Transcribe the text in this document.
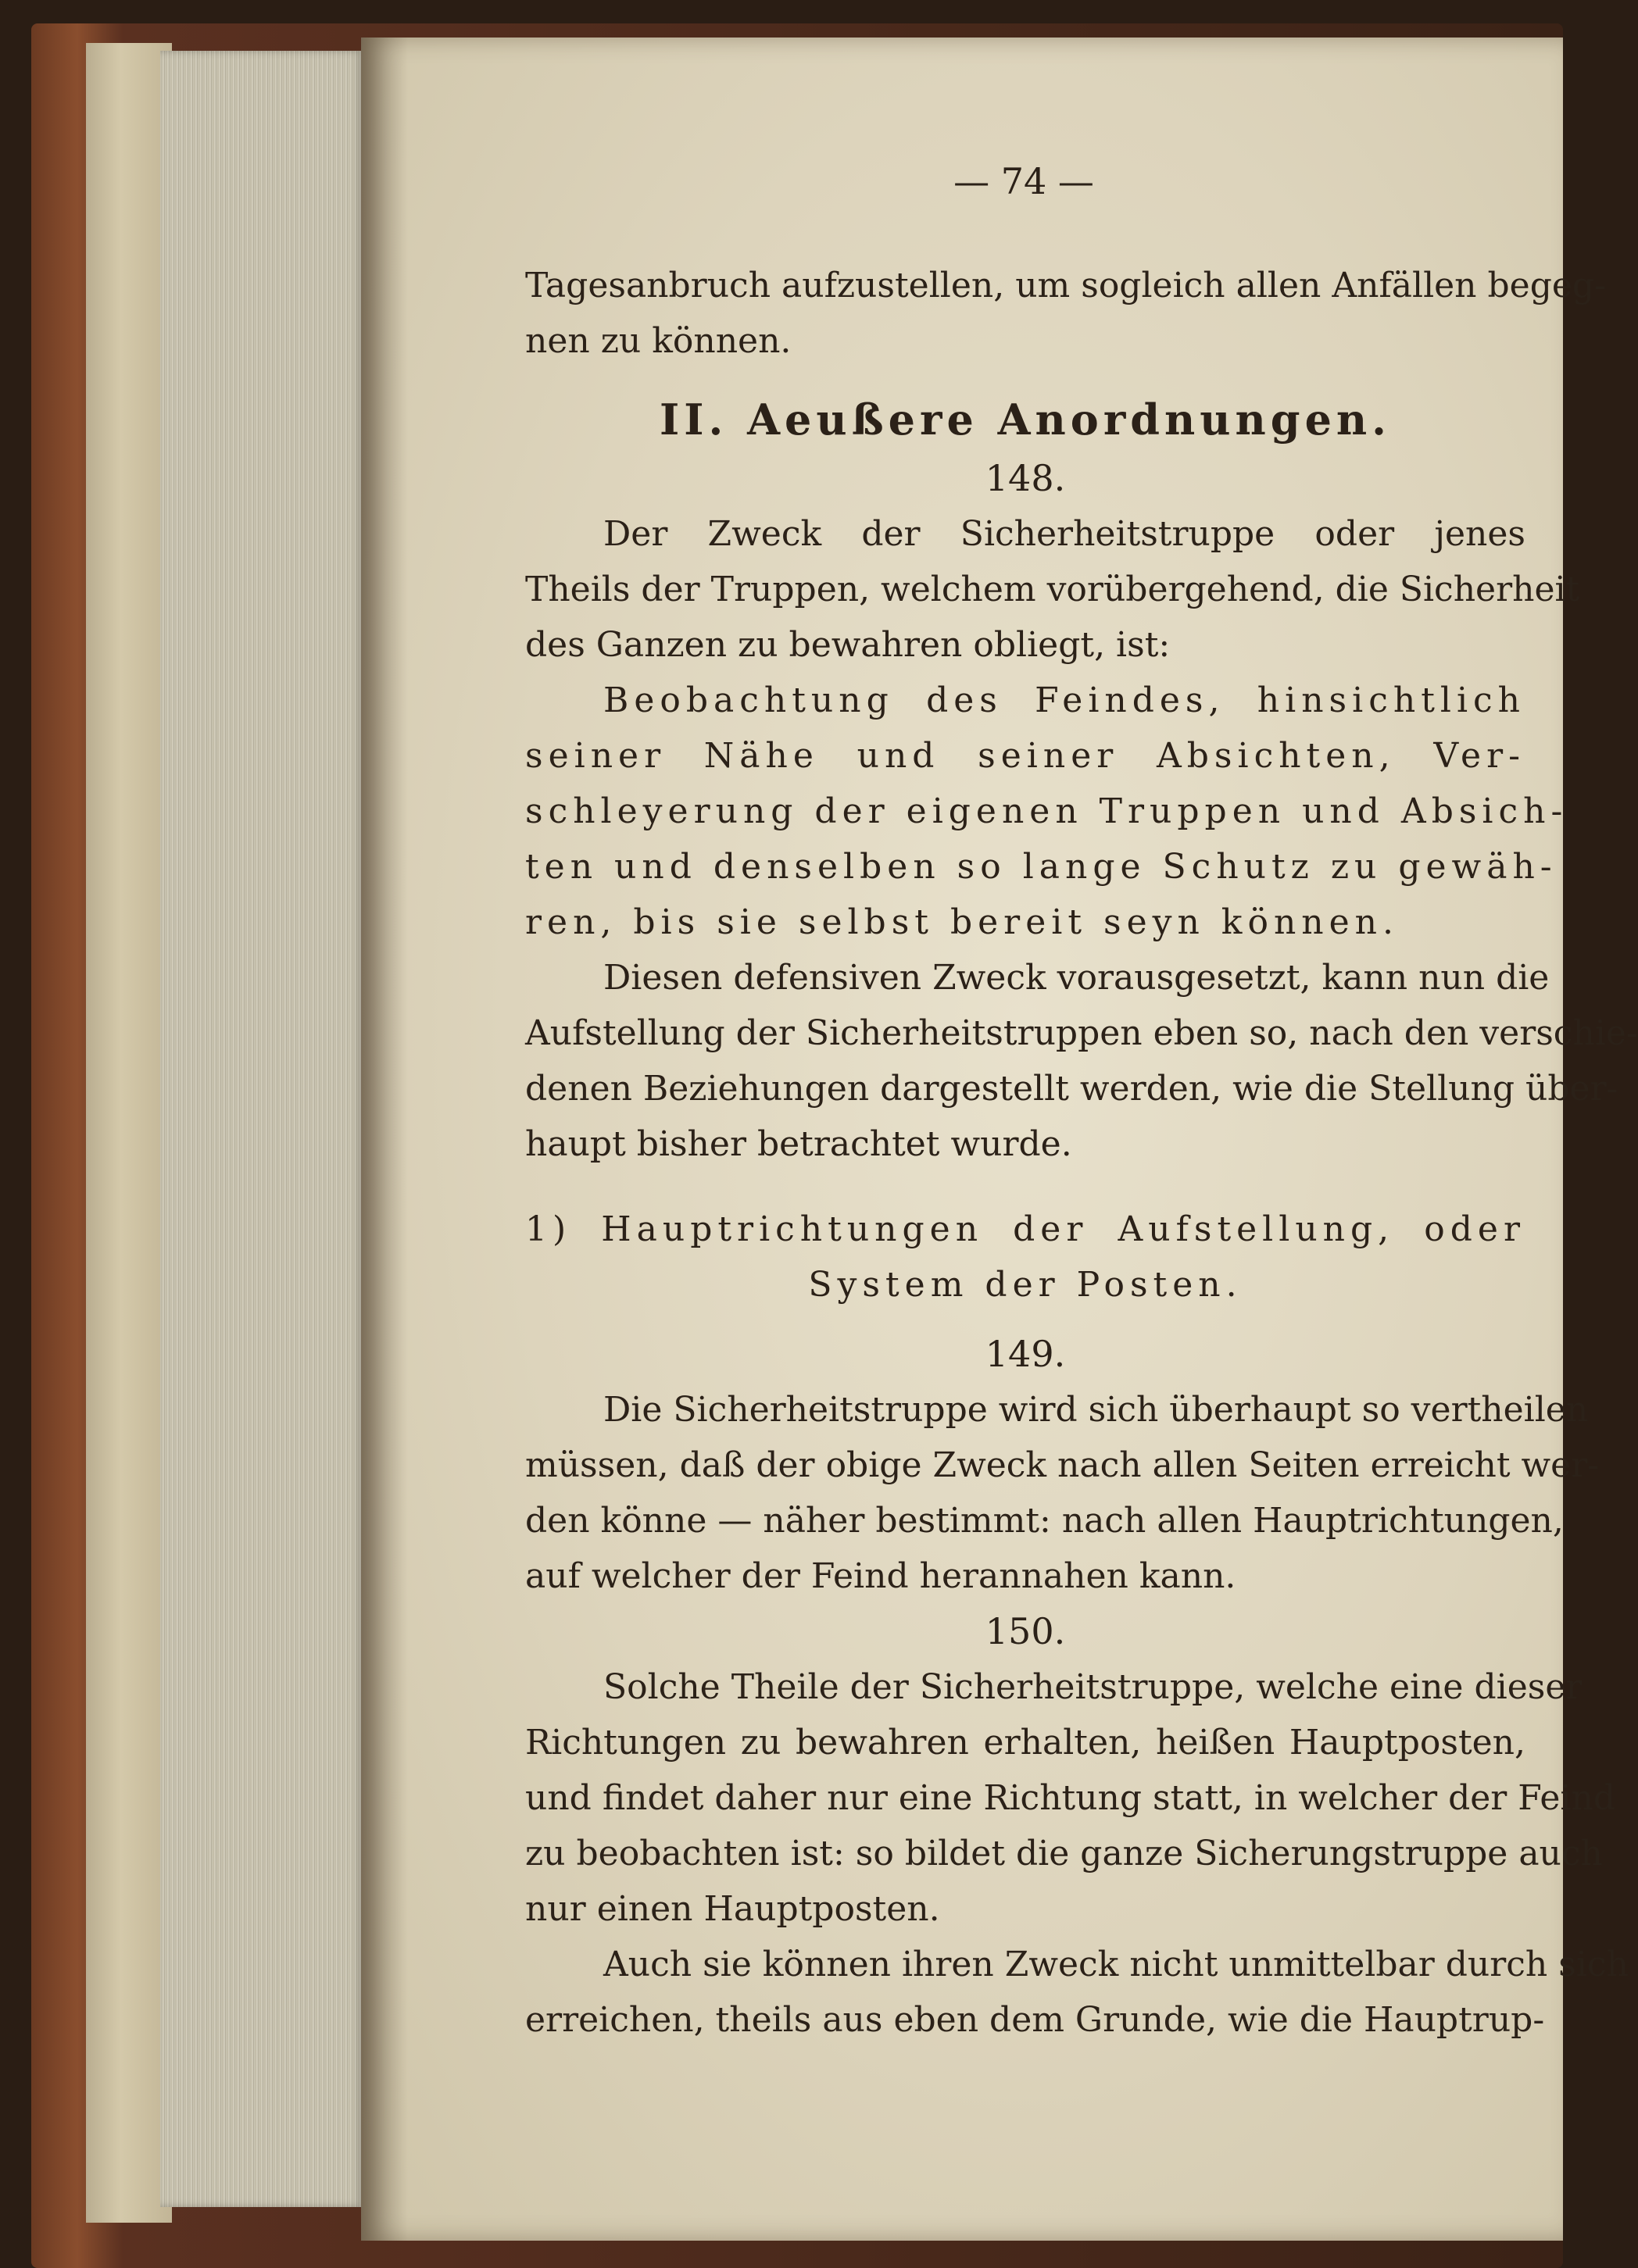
— 74 —
Tagesanbruch aufzustellen, um sogleich allen Anfällen begeg-
nen zu können.
II. Aeußere Anordnungen.
148.
Der Zweck der Sicherheitstruppe oder jenes
Theils der Truppen, welchem vorübergehend, die Sicherheit
des Ganzen zu bewahren obliegt, ist:
Beobachtung des Feindes, hinsichtlich
seiner Nähe und seiner Absichten, Ver-
schleyerung der eigenen Truppen und Absich-
ten und denselben so lange Schutz zu gewäh-
ren, bis sie selbst bereit seyn können.
Diesen defensiven Zweck vorausgesetzt, kann nun die
Aufstellung der Sicherheitstruppen eben so, nach den verschie-
denen Beziehungen dargestellt werden, wie die Stellung über-
haupt bisher betrachtet wurde.
1) Hauptrichtungen der Aufstellung, oder
System der Posten.
149.
Die Sicherheitstruppe wird sich überhaupt so vertheilen
müssen, daß der obige Zweck nach allen Seiten erreicht wer-
den könne — näher bestimmt: nach allen Hauptrichtungen,
auf welcher der Feind herannahen kann.
150.
Solche Theile der Sicherheitstruppe, welche eine dieser
Richtungen zu bewahren erhalten, heißen Hauptposten,
und findet daher nur eine Richtung statt, in welcher der Feind
zu beobachten ist: so bildet die ganze Sicherungstruppe auch
nur einen Hauptposten.
Auch sie können ihren Zweck nicht unmittelbar durch sich
erreichen, theils aus eben dem Grunde, wie die Hauptrup-
